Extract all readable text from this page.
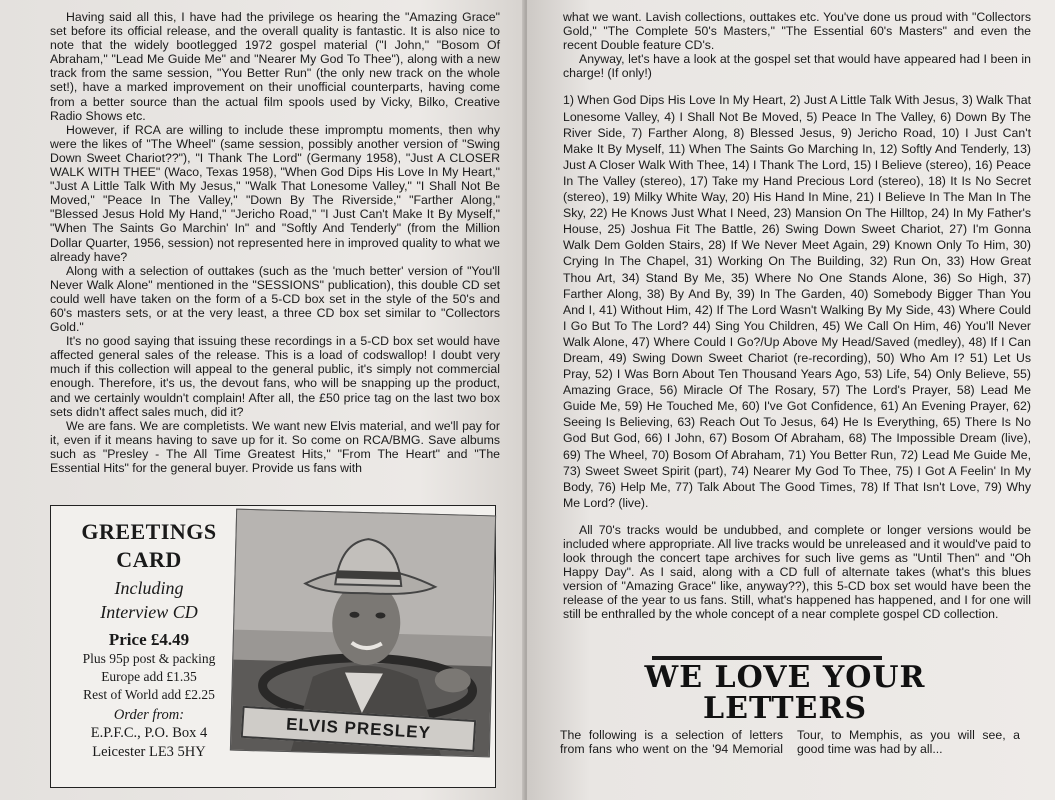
Having said all this, I have had the privilege os hearing the "Amazing Grace" set before its official release, and the overall quality is fantastic. It is also nice to note that the widely bootlegged 1972 gospel material ("I John," "Bosom Of Abraham," "Lead Me Guide Me" and "Nearer My God To Thee"), along with a new track from the same session, "You Better Run" (the only new track on the whole set!), have a marked improvement on their unofficial counterparts, having come from a better source than the actual film spools used by Vicky, Bilko, Creative Radio Shows etc.

However, if RCA are willing to include these impromptu moments, then why were the likes of "The Wheel" (same session, possibly another version of "Swing Down Sweet Chariot??"), "I Thank The Lord" (Germany 1958), "Just A CLOSER WALK WITH THEE" (Waco, Texas 1958), "When God Dips His Love In My Heart," "Just A Little Talk With My Jesus," "Walk That Lonesome Valley," "I Shall Not Be Moved," "Peace In The Valley," "Down By The Riverside," "Farther Along," "Blessed Jesus Hold My Hand," "Jericho Road," "I Just Can't Make It By Myself," "When The Saints Go Marchin' In" and "Softly And Tenderly" (from the Million Dollar Quarter, 1956, session) not represented here in improved quality to what we already have?

Along with a selection of outtakes (such as the 'much better' version of "You'll Never Walk Alone" mentioned in the "SESSIONS" publication), this double CD set could well have taken on the form of a 5-CD box set in the style of the 50's and 60's masters sets, or at the very least, a three CD box set similar to "Collectors Gold."

It's no good saying that issuing these recordings in a 5-CD box set would have affected general sales of the release. This is a load of codswallop! I doubt very much if this collection will appeal to the general public, it's simply not commercial enough. Therefore, it's us, the devout fans, who will be snapping up the product, and we certainly wouldn't complain! After all, the £50 price tag on the last two box sets didn't affect sales much, did it?

We are fans. We are completists. We want new Elvis material, and we'll pay for it, even if it means having to save up for it. So come on RCA/BMG. Save albums such as "Presley - The All Time Greatest Hits," "From The Heart" and "The Essential Hits" for the general buyer. Provide us fans with

GREETINGS
CARD
Including
Interview CD
Price £4.49
Plus 95p post & packing
Europe add £1.35
Rest of World add £2.25
Order from:
E.P.F.C., P.O. Box 4
Leicester LE3 5HY
ELVIS PRESLEY

what we want. Lavish collections, outtakes etc. You've done us proud with "Collectors Gold," "The Complete 50's Masters," "The Essential 60's Masters" and even the recent Double feature CD's.

Anyway, let's have a look at the gospel set that would have appeared had I been in charge! (If only!)

1) When God Dips His Love In My Heart, 2) Just A Little Talk With Jesus, 3) Walk That Lonesome Valley, 4) I Shall Not Be Moved, 5) Peace In The Valley, 6) Down By The River Side, 7) Farther Along, 8) Blessed Jesus, 9) Jericho Road, 10) I Just Can't Make It By Myself, 11) When The Saints Go Marching In, 12) Softly And Tenderly, 13) Just A Closer Walk With Thee, 14) I Thank The Lord, 15) I Believe (stereo), 16) Peace In The Valley (stereo), 17) Take my Hand Precious Lord (stereo), 18) It Is No Secret (stereo), 19) Milky White Way, 20) His Hand In Mine, 21) I Believe In The Man In The Sky, 22) He Knows Just What I Need, 23) Mansion On The Hilltop, 24) In My Father's House, 25) Joshua Fit The Battle, 26) Swing Down Sweet Chariot, 27) I'm Gonna Walk Dem Golden Stairs, 28) If We Never Meet Again, 29) Known Only To Him, 30) Crying In The Chapel, 31) Working On The Building, 32) Run On, 33) How Great Thou Art, 34) Stand By Me, 35) Where No One Stands Alone, 36) So High, 37) Farther Along, 38) By And By, 39) In The Garden, 40) Somebody Bigger Than You And I, 41) Without Him, 42) If The Lord Wasn't Walking By My Side, 43) Where Could I Go But To The Lord? 44) Sing You Children, 45) We Call On Him, 46) You'll Never Walk Alone, 47) Where Could I Go?/Up Above My Head/Saved (medley), 48) If I Can Dream, 49) Swing Down Sweet Chariot (re-recording), 50) Who Am I? 51) Let Us Pray, 52) I Was Born About Ten Thousand Years Ago, 53) Life, 54) Only Believe, 55) Amazing Grace, 56) Miracle Of The Rosary, 57) The Lord's Prayer, 58) Lead Me Guide Me, 59) He Touched Me, 60) I've Got Confidence, 61) An Evening Prayer, 62) Seeing Is Believing, 63) Reach Out To Jesus, 64) He Is Everything, 65) There Is No God But God, 66) I John, 67) Bosom Of Abraham, 68) The Impossible Dream (live), 69) The Wheel, 70) Bosom Of Abraham, 71) You Better Run, 72) Lead Me Guide Me, 73) Sweet Sweet Spirit (part), 74) Nearer My God To Thee, 75) I Got A Feelin' In My Body, 76) Help Me, 77) Talk About The Good Times, 78) If That Isn't Love, 79) Why Me Lord? (live).

All 70's tracks would be undubbed, and complete or longer versions would be included where appropriate. All live tracks would be unreleased and it would've paid to look through the concert tape archives for such live gems as "Until Then" and "Oh Happy Day". As I said, along with a CD full of alternate takes (what's this blues version of "Amazing Grace" like, anyway??), this 5-CD box set would have been the release of the year to us fans. Still, what's happened has happened, and I for one will still be enthralled by the whole concept of a near complete gospel CD collection.

WE LOVE YOUR
LETTERS
The following is a selection of letters from fans who went on the '94 Memorial Tour, to Memphis, as you will see, a good time was had by all...
